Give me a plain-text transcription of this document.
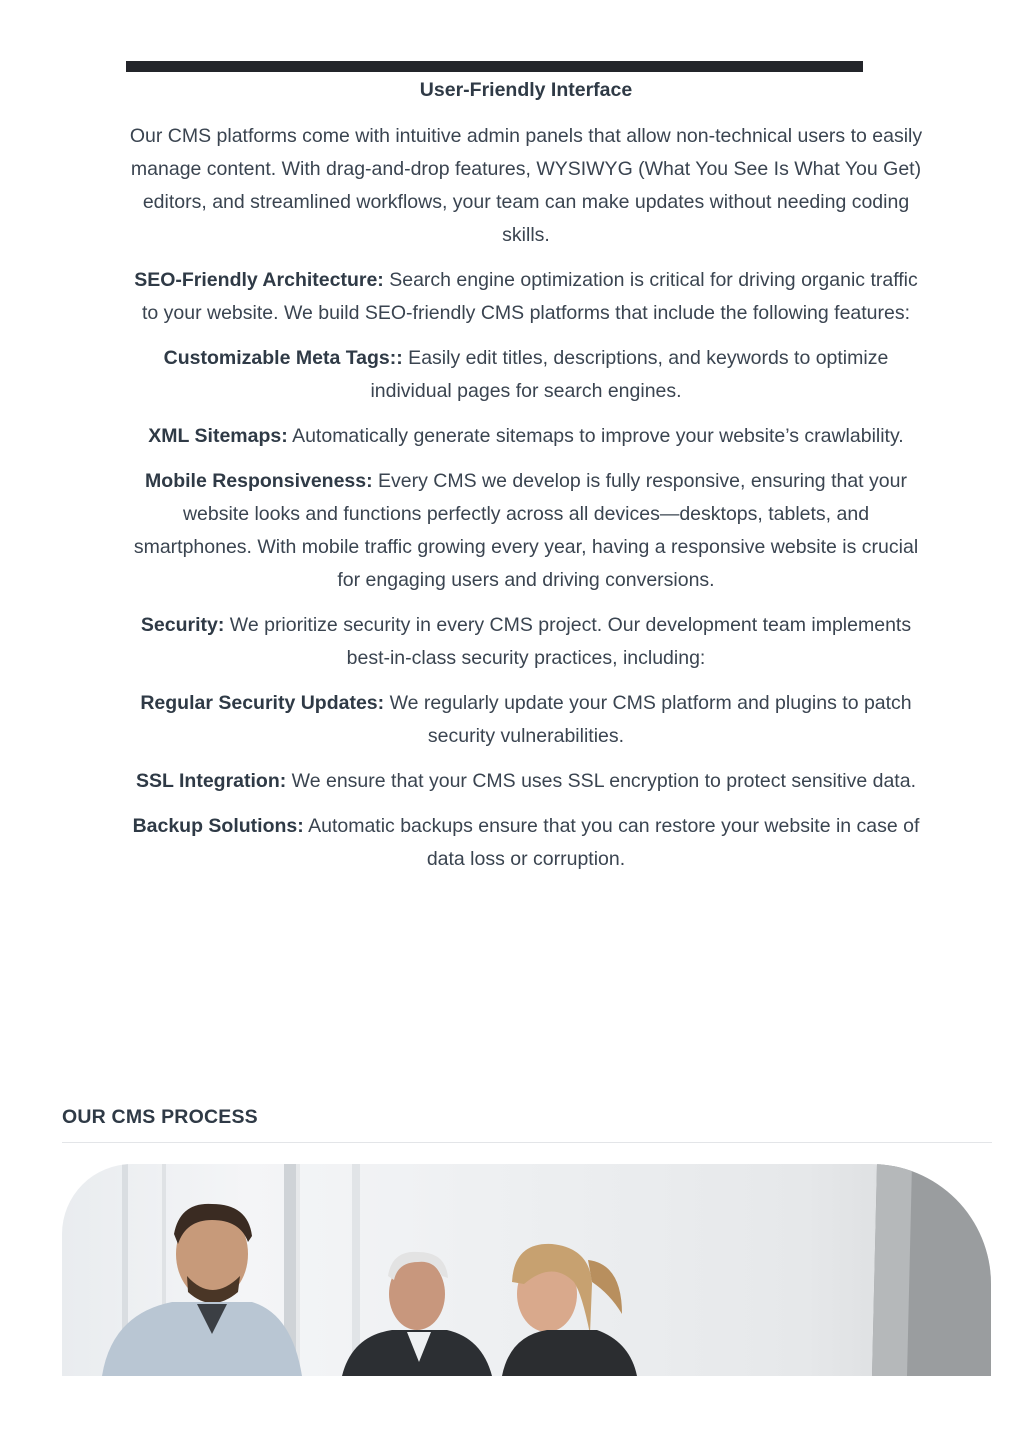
User-Friendly Interface

Our CMS platforms come with intuitive admin panels that allow non-technical users to easily manage content. With drag-and-drop features, WYSIWYG (What You See Is What You Get) editors, and streamlined workflows, your team can make updates without needing coding skills.

SEO-Friendly Architecture: Search engine optimization is critical for driving organic traffic to your website. We build SEO-friendly CMS platforms that include the following features:

Customizable Meta Tags:: Easily edit titles, descriptions, and keywords to optimize individual pages for search engines.

XML Sitemaps: Automatically generate sitemaps to improve your website’s crawlability.

Mobile Responsiveness: Every CMS we develop is fully responsive, ensuring that your website looks and functions perfectly across all devices—desktops, tablets, and smartphones. With mobile traffic growing every year, having a responsive website is crucial for engaging users and driving conversions.

Security: We prioritize security in every CMS project. Our development team implements best-in-class security practices, including:

Regular Security Updates: We regularly update your CMS platform and plugins to patch security vulnerabilities.

SSL Integration: We ensure that your CMS uses SSL encryption to protect sensitive data.

Backup Solutions: Automatic backups ensure that you can restore your website in case of data loss or corruption.

OUR CMS PROCESS
